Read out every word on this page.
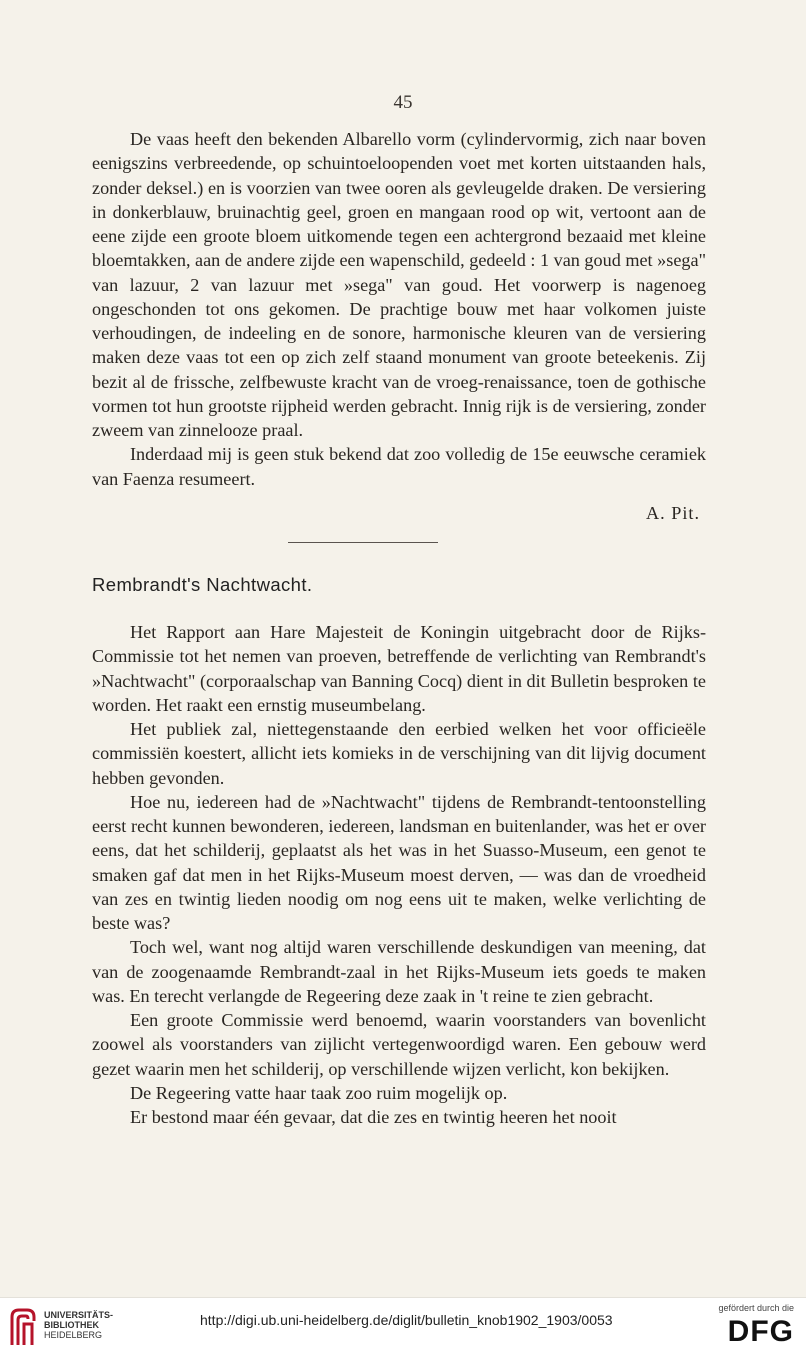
45

De vaas heeft den bekenden Albarello vorm (cylindervormig, zich naar boven eenigszins verbreedende, op schuintoeloopenden voet met korten uitstaanden hals, zonder deksel.) en is voorzien van twee ooren als gevleugelde draken. De versiering in donkerblauw, bruinachtig geel, groen en mangaan rood op wit, vertoont aan de eene zijde een groote bloem uitkomende tegen een achtergrond bezaaid met kleine bloemtakken, aan de andere zijde een wapenschild, gedeeld : 1 van goud met »sega" van lazuur, 2 van lazuur met »sega" van goud. Het voorwerp is nagenoeg ongeschonden tot ons gekomen. De prachtige bouw met haar volkomen juiste verhoudingen, de indeeling en de sonore, harmonische kleuren van de versiering maken deze vaas tot een op zich zelf staand monument van groote beteekenis. Zij bezit al de frissche, zelfbewuste kracht van de vroeg-renaissance, toen de gothische vormen tot hun grootste rijpheid werden gebracht. Innig rijk is de versiering, zonder zweem van zinnelooze praal.

Inderdaad mij is geen stuk bekend dat zoo volledig de 15e eeuwsche ceramiek van Faenza resumeert.

A. Pit.
Rembrandt's Nachtwacht.

Het Rapport aan Hare Majesteit de Koningin uitgebracht door de Rijks-Commissie tot het nemen van proeven, betreffende de verlichting van Rembrandt's »Nachtwacht" (corporaalschap van Banning Cocq) dient in dit Bulletin besproken te worden. Het raakt een ernstig museumbelang.

Het publiek zal, niettegenstaande den eerbied welken het voor officieële commissiën koestert, allicht iets komieks in de verschijning van dit lijvig document hebben gevonden.

Hoe nu, iedereen had de »Nachtwacht" tijdens de Rembrandt-tentoonstelling eerst recht kunnen bewonderen, iedereen, landsman en buitenlander, was het er over eens, dat het schilderij, geplaatst als het was in het Suasso-Museum, een genot te smaken gaf dat men in het Rijks-Museum moest derven, — was dan de vroedheid van zes en twintig lieden noodig om nog eens uit te maken, welke verlichting de beste was?

Toch wel, want nog altijd waren verschillende deskundigen van meening, dat van de zoogenaamde Rembrandt-zaal in het Rijks-Museum iets goeds te maken was. En terecht verlangde de Regeering deze zaak in 't reine te zien gebracht.

Een groote Commissie werd benoemd, waarin voorstanders van bovenlicht zoowel als voorstanders van zijlicht vertegenwoordigd waren. Een gebouw werd gezet waarin men het schilderij, op verschillende wijzen verlicht, kon bekijken.

De Regeering vatte haar taak zoo ruim mogelijk op.

Er bestond maar één gevaar, dat die zes en twintig heeren het nooit

UNIVERSITÄTS-
BIBLIOTHEK
HEIDELBERG
http://digi.ub.uni-heidelberg.de/diglit/bulletin_knob1902_1903/0053
gefördert durch die
DFG
